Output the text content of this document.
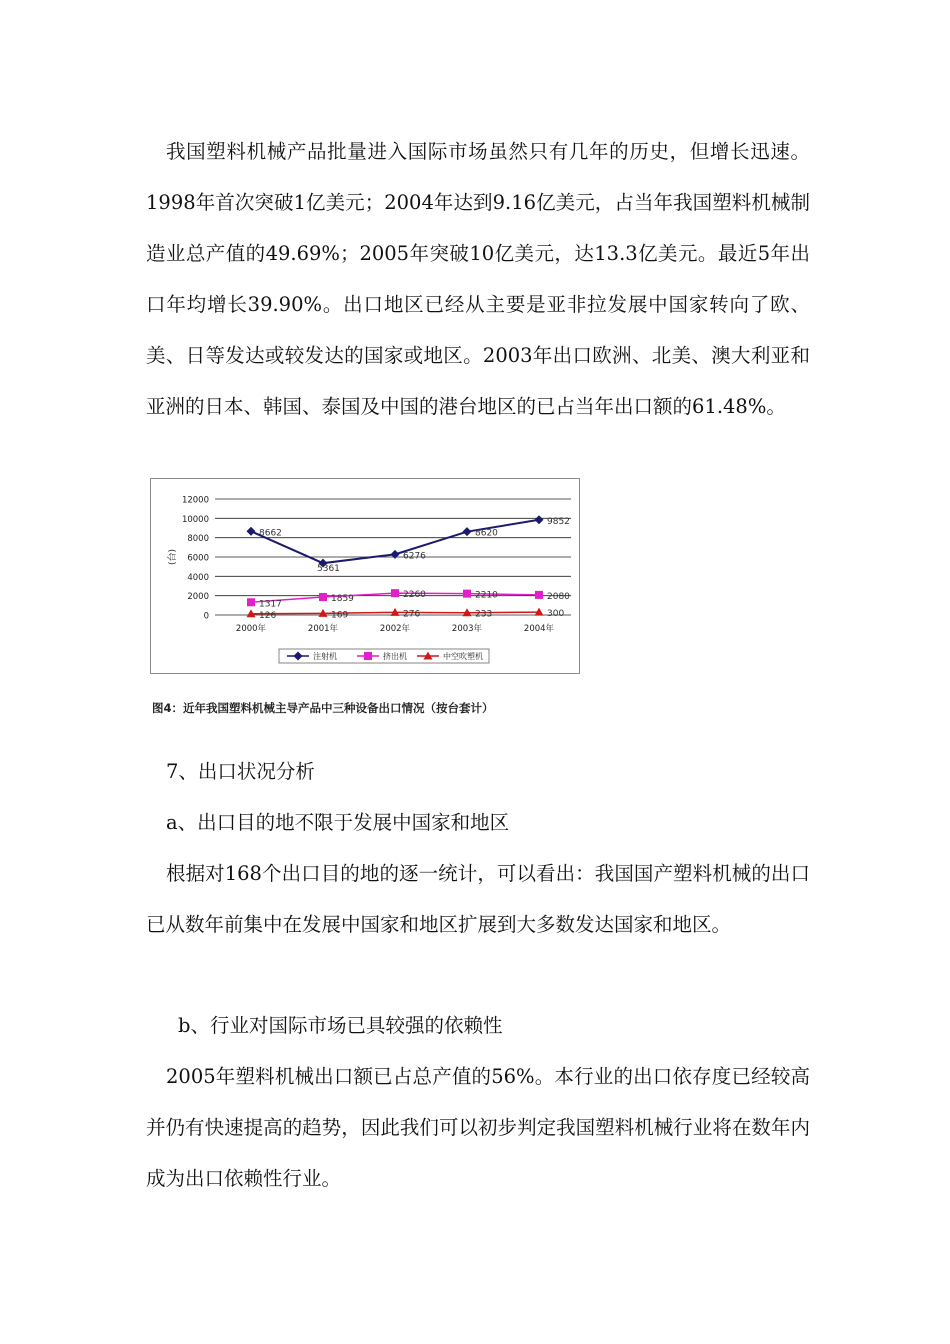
我国塑料机械产品批量进入国际市场虽然只有几年的历史，但增长迅速。1998年首次突破1亿美元；2004年达到9.16亿美元，占当年我国塑料机械制造业总产值的49.69%；2005年突破10亿美元，达13.3亿美元。最近5年出口年均增长39.90%。出口地区已经从主要是亚非拉发展中国家转向了欧、美、日等发达或较发达的国家或地区。2003年出口欧洲、北美、澳大利亚和亚洲的日本、韩国、泰国及中国的港台地区的已占当年出口额的61.48%。

0
2000
4000
6000
8000
10000
12000
(台)
2000年	2001年	2002年	2003年	2004年
8662
5361
6276
8620
9852
1317
1859	2260	2210	2080
126	169	276	233	300
注射机	挤出机	中空吹塑机
图4：近年我国塑料机械主导产品中三种设备出口情况（按台套计）

7、出口状况分析

a、出口目的地不限于发展中国家和地区

根据对168个出口目的地的逐一统计，可以看出：我国国产塑料机械的出口已从数年前集中在发展中国家和地区扩展到大多数发达国家和地区。

b、行业对国际市场已具较强的依赖性

2005年塑料机械出口额已占总产值的56%。本行业的出口依存度已经较高并仍有快速提高的趋势，因此我们可以初步判定我国塑料机械行业将在数年内成为出口依赖性行业。
